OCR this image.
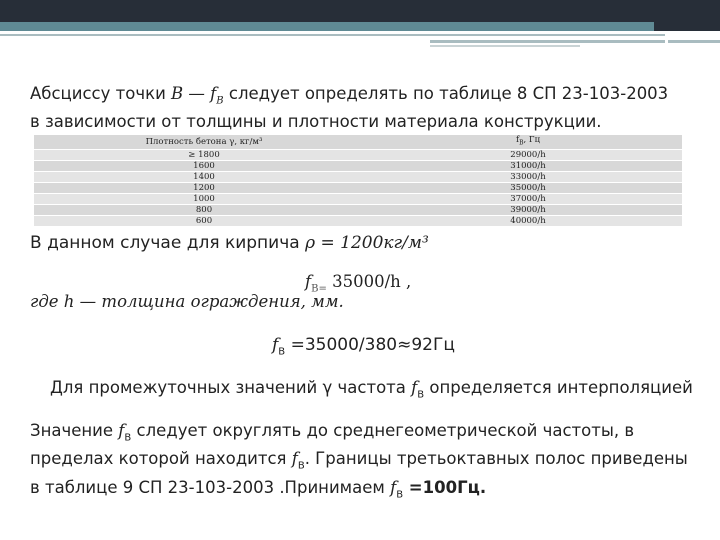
Абсциссу точки B — $f_B$ следует определять по таблице 8 СП 23-103-2003 в зависимости от толщины и плотности материала конструкции.
Плотность бетона γ, кг/м³	$f_B$, Гц
≥ 1800	29000/h
1600	31000/h
1400	33000/h
1200	35000/h
1000	37000/h
800	39000/h
600	40000/h
В данном случае для кирпича ρ = 1200кг/м³
$f_{В=}$ 35000/h ,
где h — толщина ограждения, мм.
$f_В =35000/380\approx 92Гц$
Для промежуточных значений γ частота $f_В$ определяется интерполяцией
Значение $f_В$ следует округлять до среднегеометрической частоты, в пределах которой находится $f_В$. Границы третьоктавных полос приведены в таблице 9 СП 23-103-2003 .Принимаем $f_В =100Гц$.
